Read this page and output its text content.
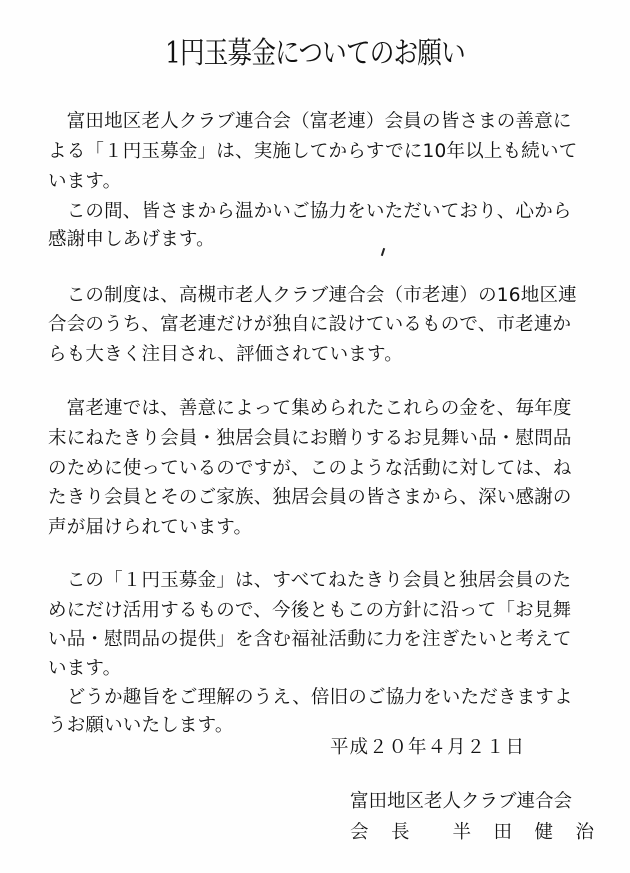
1円玉募金についてのお願い
　富田地区老人クラブ連合会（富老連）会員の皆さまの善意に
よる「１円玉募金」は、実施してからすでに10年以上も続いて
います。
　この間、皆さまから温かいご協力をいただいており、心から
感謝申しあげます。
　この制度は、高槻市老人クラブ連合会（市老連）の16地区連
合会のうち、富老連だけが独自に設けているもので、市老連か
らも大きく注目され、評価されています。
　富老連では、善意によって集められたこれらの金を、毎年度
末にねたきり会員・独居会員にお贈りするお見舞い品・慰問品
のために使っているのですが、このような活動に対しては、ね
たきり会員とそのご家族、独居会員の皆さまから、深い感謝の
声が届けられています。
　この「１円玉募金」は、すべてねたきり会員と独居会員のた
めにだけ活用するもので、今後ともこの方針に沿って「お見舞
い品・慰問品の提供」を含む福祉活動に力を注ぎたいと考えて
います。
　どうか趣旨をご理解のうえ、倍旧のご協力をいただきますよ
うお願いいたします。
平成２０年４月２１日
富田地区老人クラブ連合会
会　長　　半　田　健　治
